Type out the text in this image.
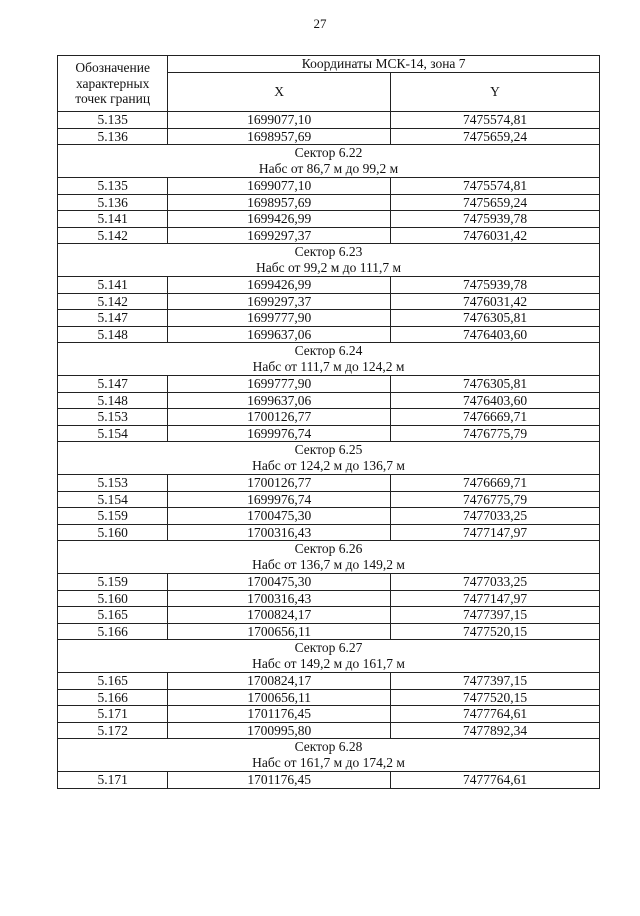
27
Обозначение характерных точек границ	Координаты МСК-14, зона 7	
	X	Y
5.135	1699077,10	7475574,81
5.136	1698957,69	7475659,24

Сектор 6.22
Набс от 86,7 м до 99,2 м		

5.135	1699077,10	7475574,81
5.136	1698957,69	7475659,24
5.141	1699426,99	7475939,78
5.142	1699297,37	7476031,42

Сектор 6.23
Набс от 99,2 м до 111,7 м		

5.141	1699426,99	7475939,78
5.142	1699297,37	7476031,42
5.147	1699777,90	7476305,81
5.148	1699637,06	7476403,60

Сектор 6.24
Набс от 111,7 м до 124,2 м		

5.147	1699777,90	7476305,81
5.148	1699637,06	7476403,60
5.153	1700126,77	7476669,71
5.154	1699976,74	7476775,79

Сектор 6.25
Набс от 124,2 м до 136,7 м		

5.153	1700126,77	7476669,71
5.154	1699976,74	7476775,79
5.159	1700475,30	7477033,25
5.160	1700316,43	7477147,97

Сектор 6.26
Набс от 136,7 м до 149,2 м		

5.159	1700475,30	7477033,25
5.160	1700316,43	7477147,97
5.165	1700824,17	7477397,15
5.166	1700656,11	7477520,15

Сектор 6.27
Набс от 149,2 м до 161,7 м		

5.165	1700824,17	7477397,15
5.166	1700656,11	7477520,15
5.171	1701176,45	7477764,61
5.172	1700995,80	7477892,34

Сектор 6.28
Набс от 161,7 м до 174,2 м		

5.171	1701176,45	7477764,61
